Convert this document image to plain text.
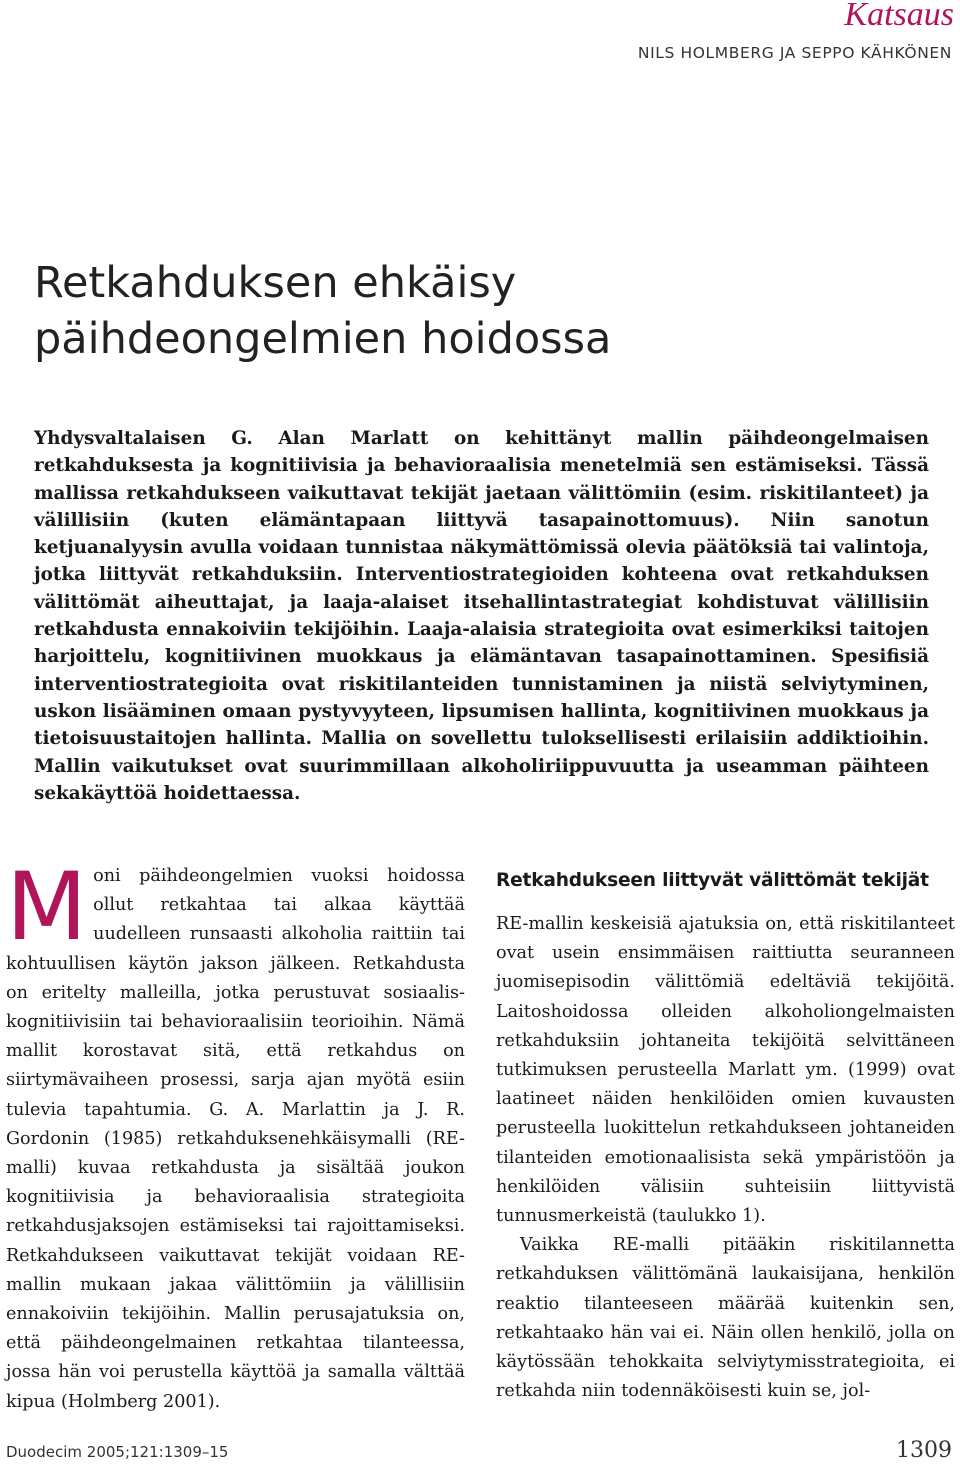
Katsaus
NILS HOLMBERG JA SEPPO KÄHKÖNEN
Retkahduksen ehkäisy
päihdeongelmien hoidossa

Yhdysvaltalaisen G. Alan Marlatt on kehittänyt mallin päihdeongelmaisen retkahduksesta ja kognitiivisia ja behavioraalisia menetelmiä sen estämiseksi. Tässä mallissa retkahdukseen vaikuttavat tekijät jaetaan välittömiin (esim. riskitilanteet) ja välillisiin (kuten elämäntapaan liittyvä tasapainottomuus). Niin sanotun ketjuanalyysin avulla voidaan tunnistaa näkymättömissä olevia päätöksiä tai valintoja, jotka liittyvät retkahduksiin. Interventiostrategioiden kohteena ovat retkahduksen välittömät aiheuttajat, ja laaja-alaiset itsehallintastrategiat kohdistuvat välillisiin retkahdusta ennakoiviin tekijöihin. Laaja-alaisia strategioita ovat esimerkiksi taitojen harjoittelu, kognitiivinen muokkaus ja elämäntavan tasapainottaminen. Spesifisiä interventiostrategioita ovat riskitilanteiden tunnistaminen ja niistä selviytyminen, uskon lisääminen omaan pystyvyyteen, lipsumisen hallinta, kognitiivinen muokkaus ja tietoisuustaitojen hallinta. Mallia on sovellettu tuloksellisesti erilaisiin addiktioihin. Mallin vaikutukset ovat suurimmillaan alkoholiriippuvuutta ja useamman päihteen sekakäyttöä hoidettaessa.

Moni päihdeongelmien vuoksi hoidossa ollut retkahtaa tai alkaa käyttää uudelleen runsaasti alkoholia raittiin tai kohtuullisen käytön jakson jälkeen. Retkahdusta on eritelty malleilla, jotka perustuvat sosiaalis-kognitiivisiin tai behavioraalisiin teorioihin. Nämä mallit korostavat sitä, että retkahdus on siirtymävaiheen prosessi, sarja ajan myötä esiin tulevia tapahtumia. G. A. Marlattin ja J. R. Gordonin (1985) retkahduksenehkäisymalli (RE-malli) kuvaa retkahdusta ja sisältää joukon kognitiivisia ja behavioraalisia strategioita retkahdusjaksojen estämiseksi tai rajoittamiseksi. Retkahdukseen vaikuttavat tekijät voidaan RE-mallin mukaan jakaa välittömiin ja välillisiin ennakoiviin tekijöihin. Mallin perusajatuksia on, että päihdeongelmainen retkahtaa tilanteessa, jossa hän voi perustella käyttöä ja samalla välttää kipua (Holmberg 2001).
Retkahdukseen liittyvät välittömät tekijät

RE-mallin keskeisiä ajatuksia on, että riskitilanteet ovat usein ensimmäisen raittiutta seuranneen juomisepisodin välittömiä edeltäviä tekijöitä. Laitoshoidossa olleiden alkoholiongelmaisten retkahduksiin johtaneita tekijöitä selvittäneen tutkimuksen perusteella Marlatt ym. (1999) ovat laatineet näiden henkilöiden omien kuvausten perusteella luokittelun retkahdukseen johtaneiden tilanteiden emotionaalisista sekä ympäristöön ja henkilöiden välisiin suhteisiin liittyvistä tunnusmerkeistä (taulukko 1).

Vaikka RE-malli pitääkin riskitilannetta retkahduksen välittömänä laukaisijana, henkilön reaktio tilanteeseen määrää kuitenkin sen, retkahtaako hän vai ei. Näin ollen henkilö, jolla on käytössään tehokkaita selviytymisstrategioita, ei retkahda niin todennäköisesti kuin se, jol-

Duodecim 2005;121:1309–15	1309
